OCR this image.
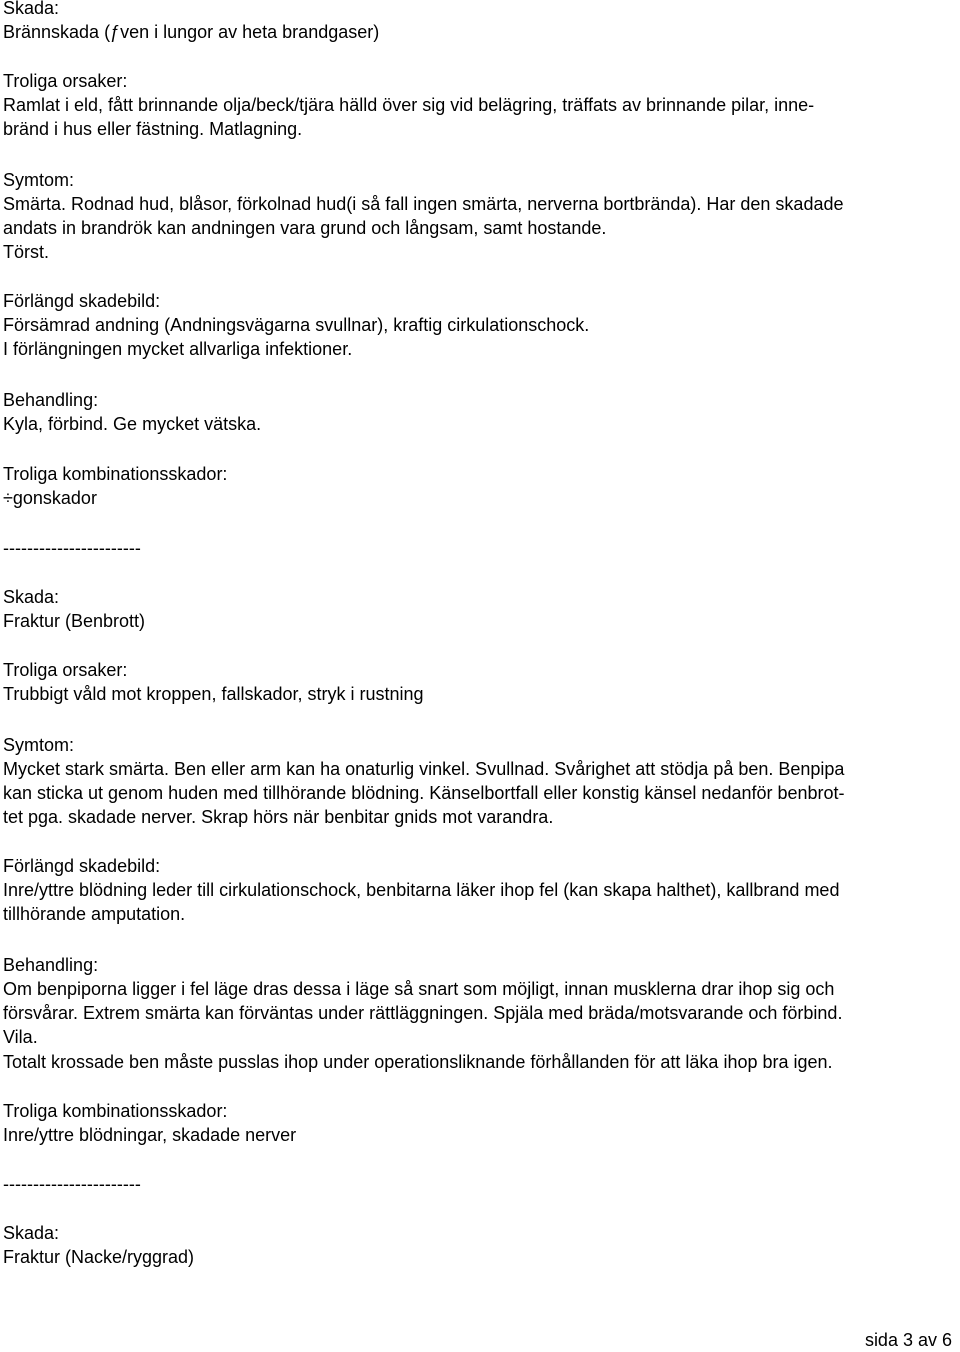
Skada:
Brännskada (ƒven i lungor av heta brandgaser)
Troliga orsaker:
Ramlat i eld, fått brinnande olja/beck/tjära hälld över sig vid belägring, träffats av brinnande pilar, inne-
bränd i hus eller fästning. Matlagning.
Symtom:
Smärta. Rodnad hud, blåsor, förkolnad hud(i så fall ingen smärta, nerverna bortbrända). Har den skadade
andats in brandrök kan andningen vara grund och långsam, samt hostande.
Törst.
Förlängd skadebild:
Försämrad andning (Andningsvägarna svullnar), kraftig cirkulationschock.
I förlängningen mycket allvarliga infektioner.
Behandling:
Kyla, förbind. Ge mycket vätska.
Troliga kombinationsskador:
÷gonskador
-----------------------
Skada:
Fraktur (Benbrott)
Troliga orsaker:
Trubbigt våld mot kroppen, fallskador, stryk i rustning
Symtom:
Mycket stark smärta. Ben eller arm kan ha onaturlig vinkel. Svullnad. Svårighet att stödja på ben. Benpipa
kan sticka ut genom huden med tillhörande blödning. Känselbortfall eller konstig känsel nedanför benbrot-
tet pga. skadade nerver. Skrap hörs när benbitar gnids mot varandra.
Förlängd skadebild:
Inre/yttre blödning leder till cirkulationschock, benbitarna läker ihop fel (kan skapa halthet), kallbrand med
tillhörande amputation.
Behandling:
Om benpiporna ligger i fel läge dras dessa i läge så snart som möjligt, innan musklerna drar ihop sig och
försvårar. Extrem smärta kan förväntas under rättläggningen. Spjäla med bräda/motsvarande och förbind.
Vila.
Totalt krossade ben måste pusslas ihop under operationsliknande förhållanden för att läka ihop bra igen.
Troliga kombinationsskador:
Inre/yttre blödningar, skadade nerver
-----------------------
Skada:
Fraktur (Nacke/ryggrad)
sida 3 av 6
